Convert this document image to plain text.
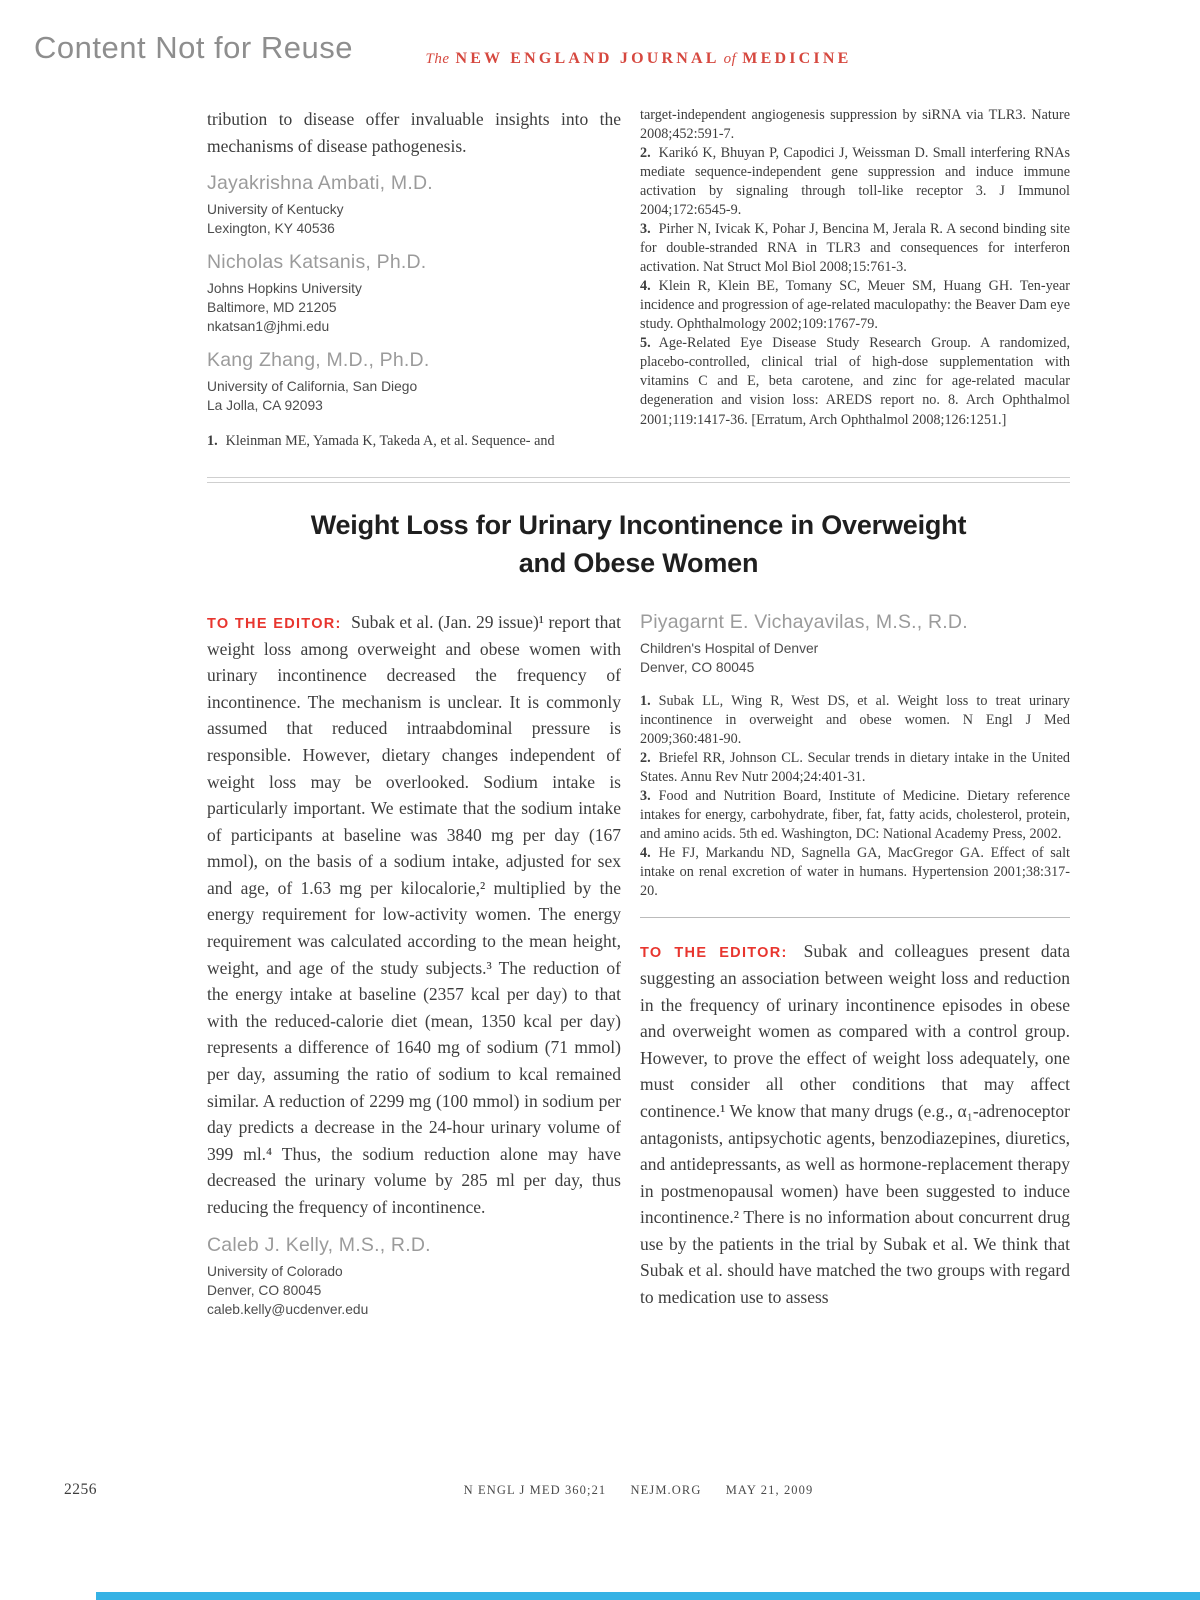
Content Not for Reuse	The NEW ENGLAND JOURNAL of MEDICINE

tribution to disease offer invaluable insights into the mechanisms of disease pathogenesis.

Jayakrishna Ambati, M.D.
University of Kentucky
Lexington, KY 40536
Nicholas Katsanis, Ph.D.
Johns Hopkins University
Baltimore, MD 21205
nkatsan1@jhmi.edu
Kang Zhang, M.D., Ph.D.
University of California, San Diego
La Jolla, CA 92093

1. Kleinman ME, Yamada K, Takeda A, et al. Sequence- and

target-independent angiogenesis suppression by siRNA via TLR3. Nature 2008;452:591-7.

2. Karikó K, Bhuyan P, Capodici J, Weissman D. Small interfering RNAs mediate sequence-independent gene suppression and induce immune activation by signaling through toll-like receptor 3. J Immunol 2004;172:6545-9.

3. Pirher N, Ivicak K, Pohar J, Bencina M, Jerala R. A second binding site for double-stranded RNA in TLR3 and consequences for interferon activation. Nat Struct Mol Biol 2008;15:761-3.

4. Klein R, Klein BE, Tomany SC, Meuer SM, Huang GH. Ten-year incidence and progression of age-related maculopathy: the Beaver Dam eye study. Ophthalmology 2002;109:1767-79.

5. Age-Related Eye Disease Study Research Group. A randomized, placebo-controlled, clinical trial of high-dose supplementation with vitamins C and E, beta carotene, and zinc for age-related macular degeneration and vision loss: AREDS report no. 8. Arch Ophthalmol 2001;119:1417-36. [Erratum, Arch Ophthalmol 2008;126:1251.]

Weight Loss for Urinary Incontinence in Overweight
and Obese Women

TO THE EDITOR: Subak et al. (Jan. 29 issue)¹ report that weight loss among overweight and obese women with urinary incontinence decreased the frequency of incontinence. The mechanism is unclear. It is commonly assumed that reduced intraabdominal pressure is responsible. However, dietary changes independent of weight loss may be overlooked. Sodium intake is particularly important. We estimate that the sodium intake of participants at baseline was 3840 mg per day (167 mmol), on the basis of a sodium intake, adjusted for sex and age, of 1.63 mg per kilocalorie,² multiplied by the energy requirement for low-activity women. The energy requirement was calculated according to the mean height, weight, and age of the study subjects.³ The reduction of the energy intake at baseline (2357 kcal per day) to that with the reduced-calorie diet (mean, 1350 kcal per day) represents a difference of 1640 mg of sodium (71 mmol) per day, assuming the ratio of sodium to kcal remained similar. A reduction of 2299 mg (100 mmol) in sodium per day predicts a decrease in the 24-hour urinary volume of 399 ml.⁴ Thus, the sodium reduction alone may have decreased the urinary volume by 285 ml per day, thus reducing the frequency of incontinence.

Caleb J. Kelly, M.S., R.D.
University of Colorado
Denver, CO 80045
caleb.kelly@ucdenver.edu
Piyagarnt E. Vichayavilas, M.S., R.D.
Children's Hospital of Denver
Denver, CO 80045

1. Subak LL, Wing R, West DS, et al. Weight loss to treat urinary incontinence in overweight and obese women. N Engl J Med 2009;360:481-90.

2. Briefel RR, Johnson CL. Secular trends in dietary intake in the United States. Annu Rev Nutr 2004;24:401-31.

3. Food and Nutrition Board, Institute of Medicine. Dietary reference intakes for energy, carbohydrate, fiber, fat, fatty acids, cholesterol, protein, and amino acids. 5th ed. Washington, DC: National Academy Press, 2002.

4. He FJ, Markandu ND, Sagnella GA, MacGregor GA. Effect of salt intake on renal excretion of water in humans. Hypertension 2001;38:317-20.

TO THE EDITOR: Subak and colleagues present data suggesting an association between weight loss and reduction in the frequency of urinary incontinence episodes in obese and overweight women as compared with a control group. However, to prove the effect of weight loss adequately, one must consider all other conditions that may affect continence.¹ We know that many drugs (e.g., α₁-adrenoceptor antagonists, antipsychotic agents, benzodiazepines, diuretics, and antidepressants, as well as hormone-replacement therapy in postmenopausal women) have been suggested to induce incontinence.² There is no information about concurrent drug use by the patients in the trial by Subak et al. We think that Subak et al. should have matched the two groups with regard to medication use to assess

2256	N ENGL J MED 360;21 NEJM.ORG MAY 21, 2009
